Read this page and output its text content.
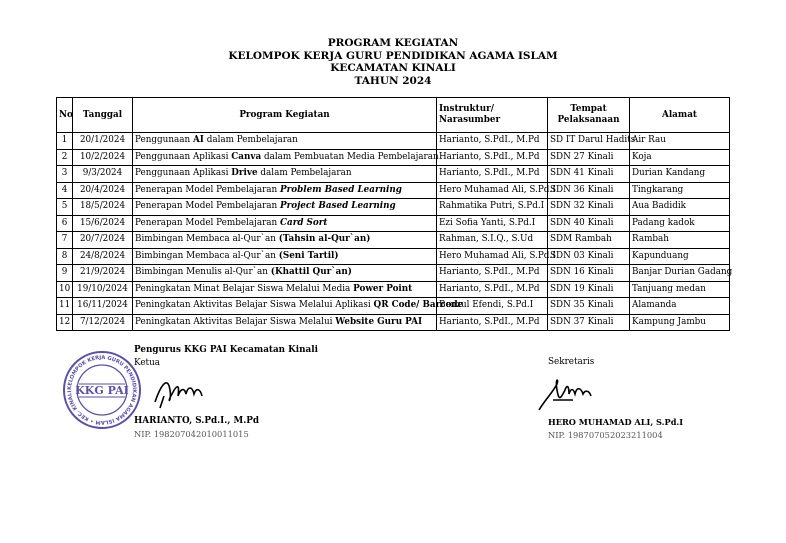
PROGRAM KEGIATAN
KELOMPOK KERJA GURU PENDIDIKAN AGAMA ISLAM
KECAMATAN KINALI
TAHUN 2024
No	Tanggal	Program Kegiatan	Instruktur/ Narasumber	Tempat Pelaksanaan	Alamat
1	20/1/2024	Penggunaan AI dalam Pembelajaran	Harianto, S.PdI., M.Pd	SD IT Darul Hadits	Air Rau
2	10/2/2024	Penggunaan Aplikasi Canva dalam Pembuatan Media Pembelajaran	Harianto, S.PdI., M.Pd	SDN 27 Kinali	Koja
3	9/3/2024	Penggunaan Aplikasi Drive dalam Pembelajaran	Harianto, S.PdI., M.Pd	SDN 41 Kinali	Durian Kandang
4	20/4/2024	Penerapan Model Pembelajaran Problem Based Learning	Hero Muhamad Ali, S.Pd.I	SDN 36 Kinali	Tingkarang
5	18/5/2024	Penerapan Model Pembelajaran Project Based Learning	Rahmatika Putri, S.Pd.I	SDN 32 Kinali	Aua Badidik
6	15/6/2024	Penerapan Model Pembelajaran Card Sort	Ezi Sofia Yanti, S.Pd.I	SDN 40 Kinali	Padang kadok
7	20/7/2024	Bimbingan Membaca al-Qur`an (Tahsin al-Qur`an)	Rahman, S.I.Q., S.Ud	SDM Rambah	Rambah
8	24/8/2024	Bimbingan Membaca al-Qur`an (Seni Tartil)	Hero Muhamad Ali, S.Pd.I	SDN 03 Kinali	Kapunduang
9	21/9/2024	Bimbingan Menulis al-Qur`an (Khattil Qur`an)	Harianto, S.PdI., M.Pd	SDN 16 Kinali	Banjar Durian Gadang
10	19/10/2024	Peningkatan Minat Belajar Siswa Melalui Media Power Point	Harianto, S.PdI., M.Pd	SDN 19 Kinali	Tanjuang medan
11	16/11/2024	Peningkatan Aktivitas Belajar Siswa Melalui Aplikasi QR Code/ Barcode	Benzul Efendi, S.Pd.I	SDN 35 Kinali	Alamanda
12	7/12/2024	Peningkatan Aktivitas Belajar Siswa Melalui Website Guru PAI	Harianto, S.PdI., M.Pd	SDN 37 Kinali	Kampung Jambu
KELOMPOK KERJA GURU PENDIDIKAN AGAMA ISLAM • KEC. KINALI KKG PAI
Pengurus KKG PAI Kecamatan Kinali
Ketua
HARIANTO, S.Pd.I., M.Pd
NIP. 198207042010011015
Sekretaris
HERO MUHAMAD ALI, S.Pd.I
NIP. 198707052023211004
